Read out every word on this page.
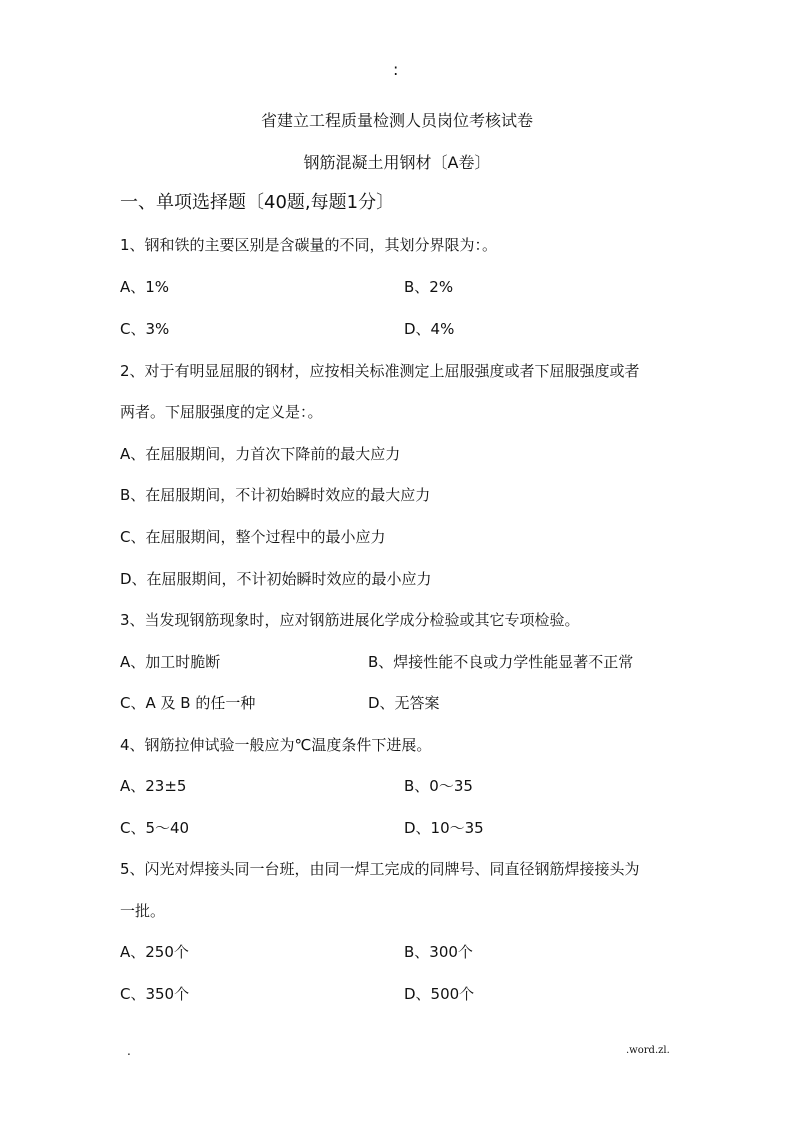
:
省建立工程质量检测人员岗位考核试卷
钢筋混凝土用钢材〔A卷〕
一、单项选择题〔40题,每题1分〕
1、钢和铁的主要区别是含碳量的不同，其划分界限为：。
A、1%	B、2%
C、3%	D、4%
2、对于有明显屈服的钢材，应按相关标准测定上屈服强度或者下屈服强度或者
两者。下屈服强度的定义是：。
A、在屈服期间，力首次下降前的最大应力
B、在屈服期间，不计初始瞬时效应的最大应力
C、在屈服期间，整个过程中的最小应力
D、在屈服期间，不计初始瞬时效应的最小应力
3、当发现钢筋现象时，应对钢筋进展化学成分检验或其它专项检验。
A、加工时脆断	B、焊接性能不良或力学性能显著不正常
C、A 及 B 的任一种	D、无答案
4、钢筋拉伸试验一般应为℃温度条件下进展。
A、23±5	B、0～35
C、5～40	D、10～35
5、闪光对焊接头同一台班，由同一焊工完成的同牌号、同直径钢筋焊接接头为
一批。
A、250个	B、300个
C、350个	D、500个
.	.word.zl.
